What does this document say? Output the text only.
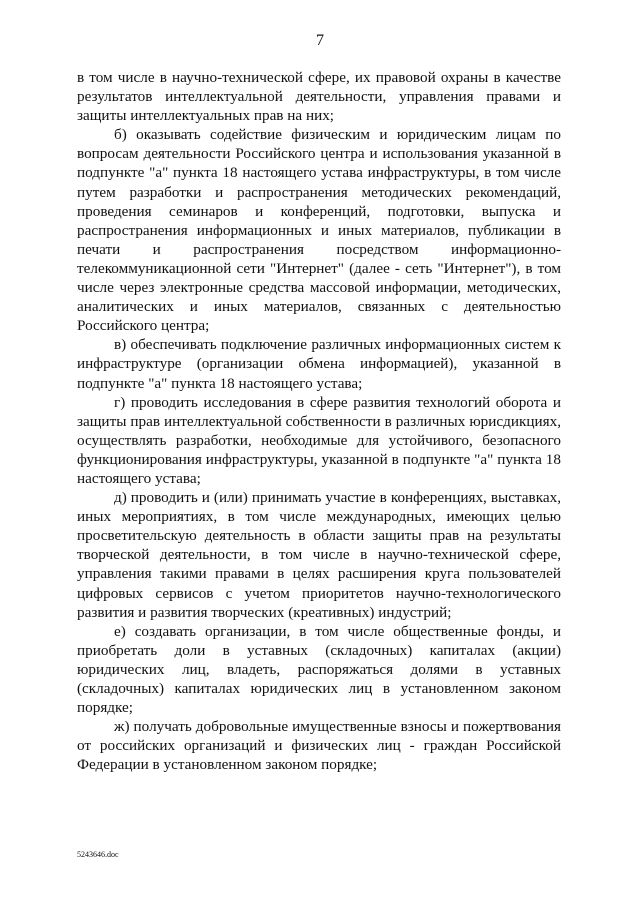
7

в том числе в научно-технической сфере, их правовой охраны в качестве результатов интеллектуальной деятельности, управления правами и защиты интеллектуальных прав на них;

б) оказывать содействие физическим и юридическим лицам по вопросам деятельности Российского центра и использования указанной в подпункте "а" пункта 18 настоящего устава инфраструктуры, в том числе путем разработки и распространения методических рекомендаций, проведения семинаров и конференций, подготовки, выпуска и распространения информационных и иных материалов, публикации в печати и распространения посредством информационно-телекоммуникационной сети "Интернет" (далее - сеть "Интернет"), в том числе через электронные средства массовой информации, методических, аналитических и иных материалов, связанных с деятельностью Российского центра;

в) обеспечивать подключение различных информационных систем к инфраструктуре (организации обмена информацией), указанной в подпункте "а" пункта 18 настоящего устава;

г) проводить исследования в сфере развития технологий оборота и защиты прав интеллектуальной собственности в различных юрисдикциях, осуществлять разработки, необходимые для устойчивого, безопасного функционирования инфраструктуры, указанной в подпункте "а" пункта 18 настоящего устава;

д) проводить и (или) принимать участие в конференциях, выставках, иных мероприятиях, в том числе международных, имеющих целью просветительскую деятельность в области защиты прав на результаты творческой деятельности, в том числе в научно-технической сфере, управления такими правами в целях расширения круга пользователей цифровых сервисов с учетом приоритетов научно-технологического развития и развития творческих (креативных) индустрий;

е) создавать организации, в том числе общественные фонды, и приобретать доли в уставных (складочных) капиталах (акции) юридических лиц, владеть, распоряжаться долями в уставных (складочных) капиталах юридических лиц в установленном законом порядке;

ж) получать добровольные имущественные взносы и пожертвования от российских организаций и физических лиц - граждан Российской Федерации в установленном законом порядке;

5243646.doc
